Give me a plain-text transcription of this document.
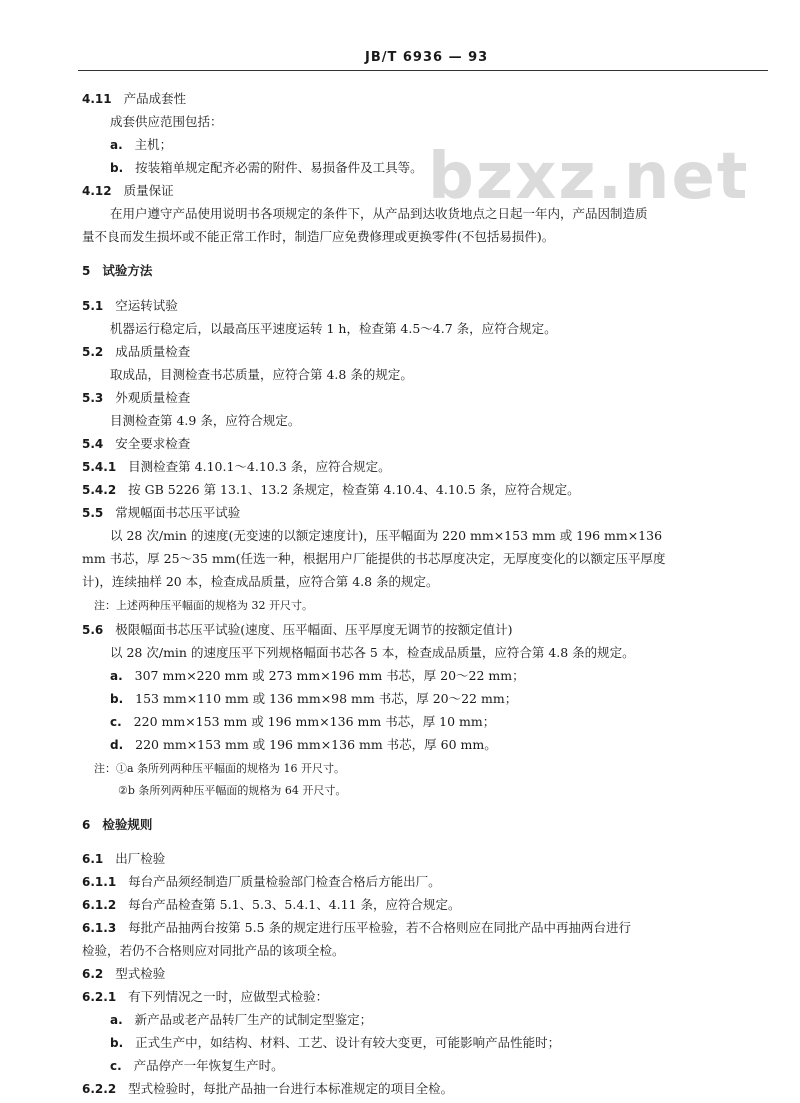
JB/T 6936 — 93
bzxz.net
4.11 产品成套性
成套供应范围包括：
a. 主机；
b. 按装箱单规定配齐必需的附件、易损备件及工具等。
4.12 质量保证
在用户遵守产品使用说明书各项规定的条件下，从产品到达收货地点之日起一年内，产品因制造质
量不良而发生损坏或不能正常工作时，制造厂应免费修理或更换零件(不包括易损件)。
5 试验方法
5.1 空运转试验
机器运行稳定后，以最高压平速度运转 1 h，检查第 4.5～4.7 条，应符合规定。
5.2 成品质量检查
取成品，目测检查书芯质量，应符合第 4.8 条的规定。
5.3 外观质量检查
目测检查第 4.9 条，应符合规定。
5.4 安全要求检查
5.4.1 目测检查第 4.10.1～4.10.3 条，应符合规定。
5.4.2 按 GB 5226 第 13.1、13.2 条规定，检查第 4.10.4、4.10.5 条，应符合规定。
5.5 常规幅面书芯压平试验
以 28 次/min 的速度(无变速的以额定速度计)，压平幅面为 220 mm×153 mm 或 196 mm×136
mm 书芯，厚 25～35 mm(任选一种，根据用户厂能提供的书芯厚度决定，无厚度变化的以额定压平厚度
计)，连续抽样 20 本，检查成品质量，应符合第 4.8 条的规定。
注：上述两种压平幅面的规格为 32 开尺寸。
5.6 极限幅面书芯压平试验(速度、压平幅面、压平厚度无调节的按额定值计)
以 28 次/min 的速度压平下列规格幅面书芯各 5 本，检查成品质量，应符合第 4.8 条的规定。
a. 307 mm×220 mm 或 273 mm×196 mm 书芯，厚 20～22 mm；
b. 153 mm×110 mm 或 136 mm×98 mm 书芯，厚 20～22 mm；
c. 220 mm×153 mm 或 196 mm×136 mm 书芯，厚 10 mm；
d. 220 mm×153 mm 或 196 mm×136 mm 书芯，厚 60 mm。
注：①a 条所列两种压平幅面的规格为 16 开尺寸。
②b 条所列两种压平幅面的规格为 64 开尺寸。
6 检验规则
6.1 出厂检验
6.1.1 每台产品须经制造厂质量检验部门检查合格后方能出厂。
6.1.2 每台产品检查第 5.1、5.3、5.4.1、4.11 条，应符合规定。
6.1.3 每批产品抽两台按第 5.5 条的规定进行压平检验，若不合格则应在同批产品中再抽两台进行
检验，若仍不合格则应对同批产品的该项全检。
6.2 型式检验
6.2.1 有下列情况之一时，应做型式检验：
a. 新产品或老产品转厂生产的试制定型鉴定；
b. 正式生产中，如结构、材料、工艺、设计有较大变更，可能影响产品性能时；
c. 产品停产一年恢复生产时。
6.2.2 型式检验时，每批产品抽一台进行本标准规定的项目全检。
